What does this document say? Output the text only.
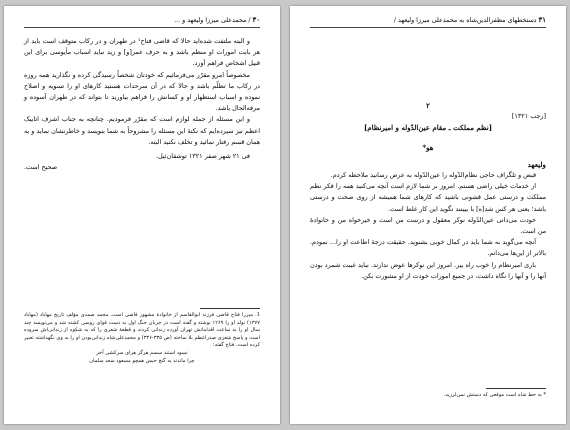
۳۰ / محمدعلی میرزا ولیعهد و ...

و البته ملتفت شده‌اید حالا که قاضی فتاح¹ در طهران و در رکاب متوقف است باید از هر بابت امورات او منظم باشد و به حرف عمر[و] و زید نباید اسباب مأیوسی برای این قبیل اشخاص فراهم آورد.

مخصوصاً امرو مقرّر می‌فرمائیم که خودتان شخصاً رسیدگی کرده و نگذارید همه روزه در رکاب ما تظلّم باشد و حالا که در آن سرحدات هستید کارهای او را تسویه و اصلاح نموده و اسباب استظهار او و کسانش را فراهم بیاورید تا بتواند که در طهران آسوده و مرفه‌الحال باشد.

و این مسئله از جمله لوازم است که مقرّر فرمودیم. چنانچه به جناب اشرف اتابیک اعظم نیز سپرده‌ایم که نکتهٔ این مسئله را مشروحاً به شما بنویسد و خاطرنشان نماید و به همان قسم رفتار نمائید و تخلف نکنید البته.

فی ۲۱ شهر صفر ۱۳۲۱ توشقان‌ئیل.

صحیح است.

1. میرزا فتاح قاضی فرزند ابوالقاسم از خانوادهٔ مشهور قاضی است. محمد صمدی مؤلف تاریخ مهاباد (مهاباد ۱۳۷۷) تولد او را ۱۲۶۹ نوشته و گفته است در جریان جنگ اول به دست قوای روسی کشته شد و می‌نویسد چند سال او را به ساعت اقداماتش تهران آورده زندانی کردند و قطعهٔ شعری را که به شکوه از زندانی‌اش سروده است و پاسخ شعری صدراعظم بلا ساخته (ص ۳۳۵-۳۴۶) و محمدعلی‌شاه زندانی‌بودن او را به وی نگهداشته تعبیر کرده است. فتاح گفته:

نسود استند سسم هرگز هرای سرکشی آخر

چرا ماندند به گنج حبس همچو مسعود سعد سلمان

۳۱ دستخطهای مظفرالدین‌شاه به محمدعلی میرزا ولیعهد /
۲
[رجب ۱۳۲۱]
[نظم مملکت ـ مقام عین‌الدّوله و امیرنظام]
هو*
ولیعهد

قبض و تلگراف حاجی نظام‌الدّوله را عین‌الدّوله به عرض رسانید ملاحظه کردم.

از خدمات خیلی راضی هستم. امروز بر شما لازم است آنچه می‌کنید همه را فکر نظم مملکت و درستی عمل قشونی باشید که کارهای شما همیشه از روی صحت و درستی باشد؛ یعنی هر کس شد[ه] با بیینند نگوید این کار غلط است.

خودت می‌دانی عین‌الدّوله نوکر معقول و درست من است و خیرخواه من و خانوادهٔ من است.

آنچه می‌گوید به شما باید در کمال خوبی بشنوید. حقیقت درجهٔ اطاعت او را... نمودم. بالاتر از این‌ها می‌دانم.

باری امیرنظام را خوب راه بیر. امروز این نوکرها عوض ندارند. نباید غیبت شمرد بودن آنها را و آنها را نگاه داشت، در جمیع امورات خودت از او مشورت بکن.

* به خط شاه است موقعی که دستش نمی‌لرزید.
